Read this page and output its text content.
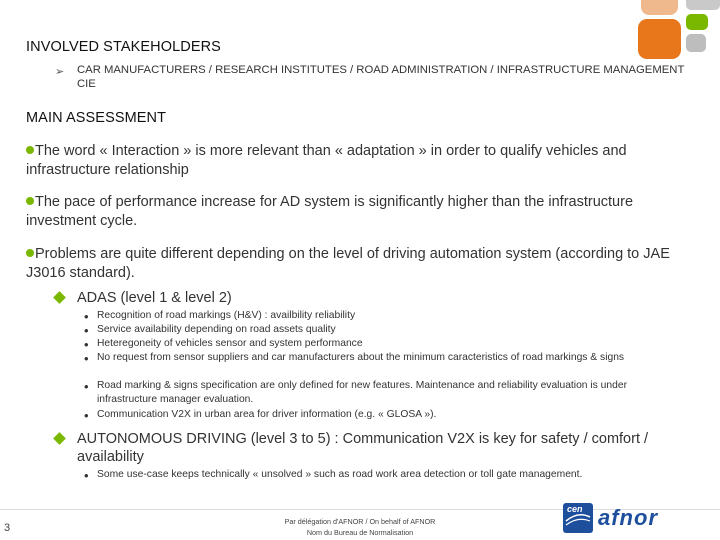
INVOLVED STAKEHOLDERS
➢ CAR MANUFACTURERS / RESEARCH INSTITUTES / ROAD ADMINISTRATION / INFRASTRUCTURE MANAGEMENT CIE
MAIN ASSESSMENT
The word « Interaction » is more relevant than « adaptation » in order to qualify vehicles and infrastructure relationship
The pace of performance increase for AD system is significantly higher than the infrastructure investment cycle.
Problems are quite different depending on the level of driving automation system (according to JAE J3016 standard).
ADAS (level 1 & level 2)
• Recognition of road markings (H&V) : availbility reliability
• Service availability depending on road assets quality
• Heteregoneity of vehicles sensor and system performance
• No request from sensor suppliers and car manufacturers about the minimum caracteristics of road markings & signs
• Road marking & signs specification are only defined for new features. Maintenance and reliability evaluation is under infrastructure manager evaluation.
• Communication V2X in urban area for driver information (e.g. « GLOSA »).
AUTONOMOUS DRIVING (level 3 to 5) : Communication V2X is key for safety / comfort / availability
• Some use-case keeps technically « unsolved » such as road work area detection or toll gate management.
3
Par délégation d'AFNOR / On behalf of AFNOR
Nom du Bureau de Normalisation
cen afnor
